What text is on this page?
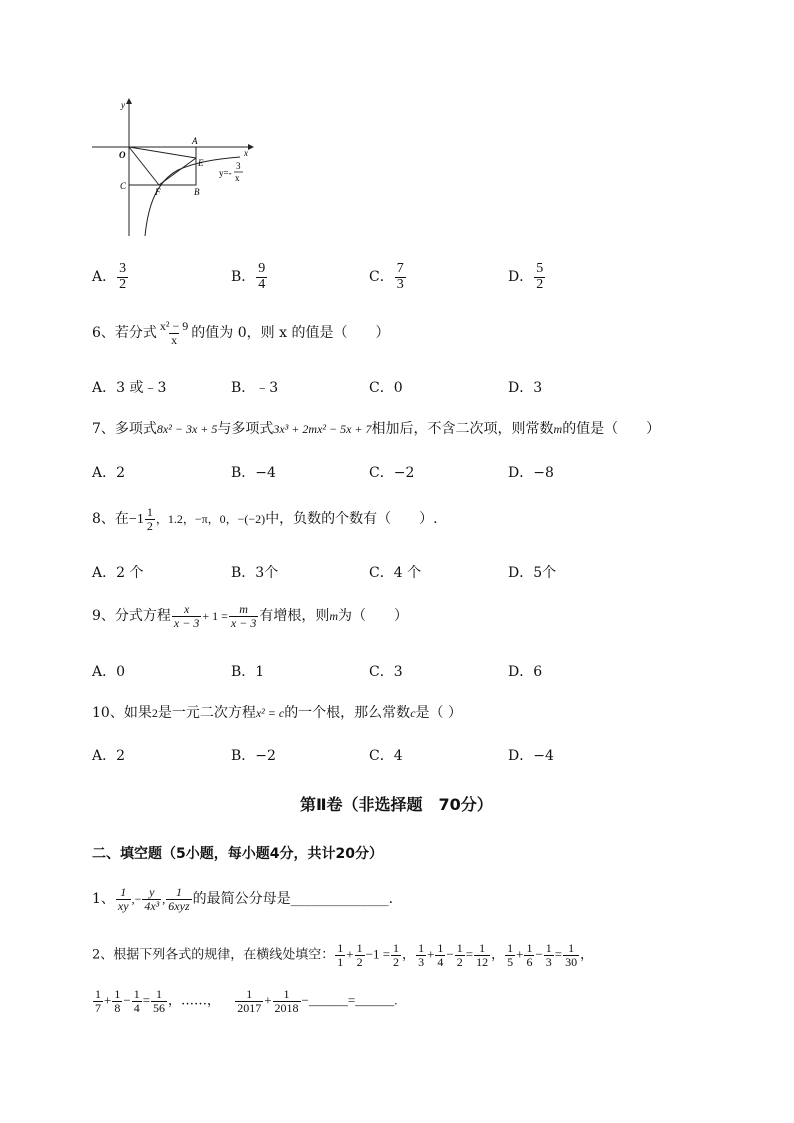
y
x
O
A
E
C
F	B
y=-
3
x
A． $\frac{3}{2}$	B． $\frac{9}{4}$	C． $\frac{7}{3}$	D． $\frac{5}{2}$
6、若分式 $\frac{\text{x² − 9}}{x}$ 的值为 0，则 x 的值是（　　）
A．3 或﹣3	B．﹣3	C．0	D．3
7、多项式8x² − 3x + 5与多项式3x³ + 2mx² − 5x + 7相加后，不含二次项，则常数m的值是（　　）
A．2	B．−4	C．−2	D．−8
8、在$-1 \frac{1}{2}$ ，1.2，−π，0，−(−2)中，负数的个数有（　　）.
A．2 个	B．3个	C．4 个	D．5个
9、分式方程 $\frac{x}{x - 3} + 1 = \frac{m}{x - 3}$ 有增根，则m为（　　）
A．0	B．1	C．3	D．6
10、如果2是一元二次方程x² = c的一个根，那么常数c是（ ）
A．2	B．−2	C．4	D．−4
第Ⅱ卷（非选择题　70分）
二、填空题（5小题，每小题4分，共计20分）
1、 $\frac{1}{xy}$ ,− $\frac{y}{\text{4x³}}$ , $\frac{1}{\text{6xyz}}$ 的最简公分母是______________.
2、根据下列各式的规律，在横线处填空： $\frac{1}{1} + \frac{1}{2} -1 = \frac{1}{2}$ ， $\frac{1}{3} + \frac{1}{4} - \frac{1}{2} = \frac{1}{12}$ ， $\frac{1}{5} + \frac{1}{6} - \frac{1}{3} = \frac{1}{30}$ ，
$\frac{1}{7} + \frac{1}{8} - \frac{1}{4} = \frac{1}{56}$ ，……， $\frac{1}{2017} + \frac{1}{2018}$ −______=______.
